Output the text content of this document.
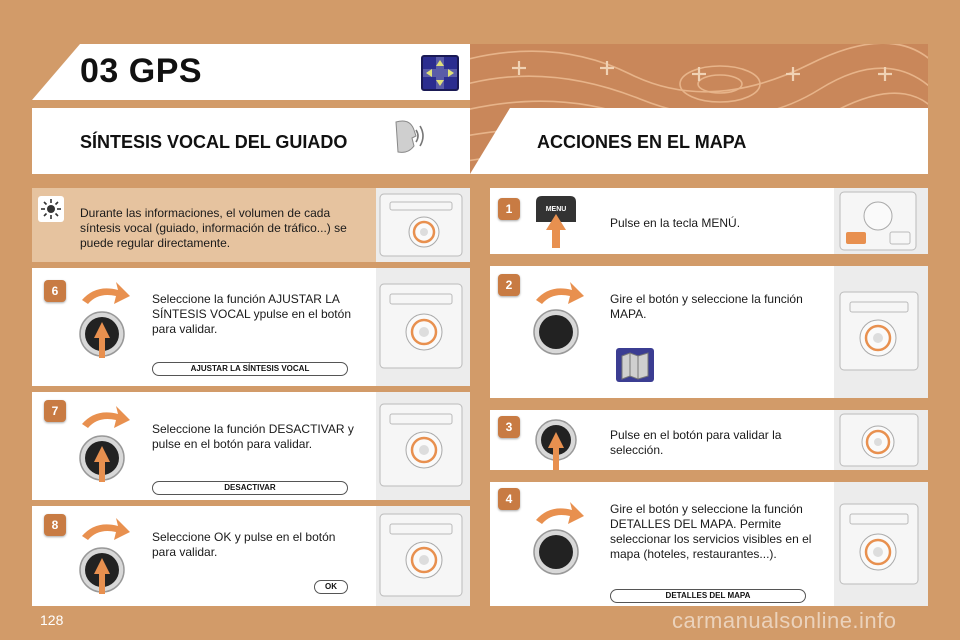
03 GPS
SÍNTESIS VOCAL DEL GUIADO	ACCIONES EN EL MAPA
Durante las informaciones, el volumen de cada síntesis vocal (guiado, información de tráfico...) se puede regular directamente.
6
Seleccione la función AJUSTAR LA SÍNTESIS VOCAL ypulse en el botón para validar.
AJUSTAR LA SÍNTESIS VOCAL
7
Seleccione la función DESACTIVAR y pulse en el botón para validar.
DESACTIVAR
8
Seleccione OK y pulse en el botón para validar.
OK
1	MENU
Pulse en la tecla MENÚ.
2
Gire el botón y seleccione la función MAPA.
3
Pulse en el botón para validar la selección.
4
Gire el botón y seleccione la función DETALLES DEL MAPA. Permite seleccionar los servicios visibles en el mapa (hoteles, restaurantes...).
DETALLES DEL MAPA
128	carmanualsonline.info
